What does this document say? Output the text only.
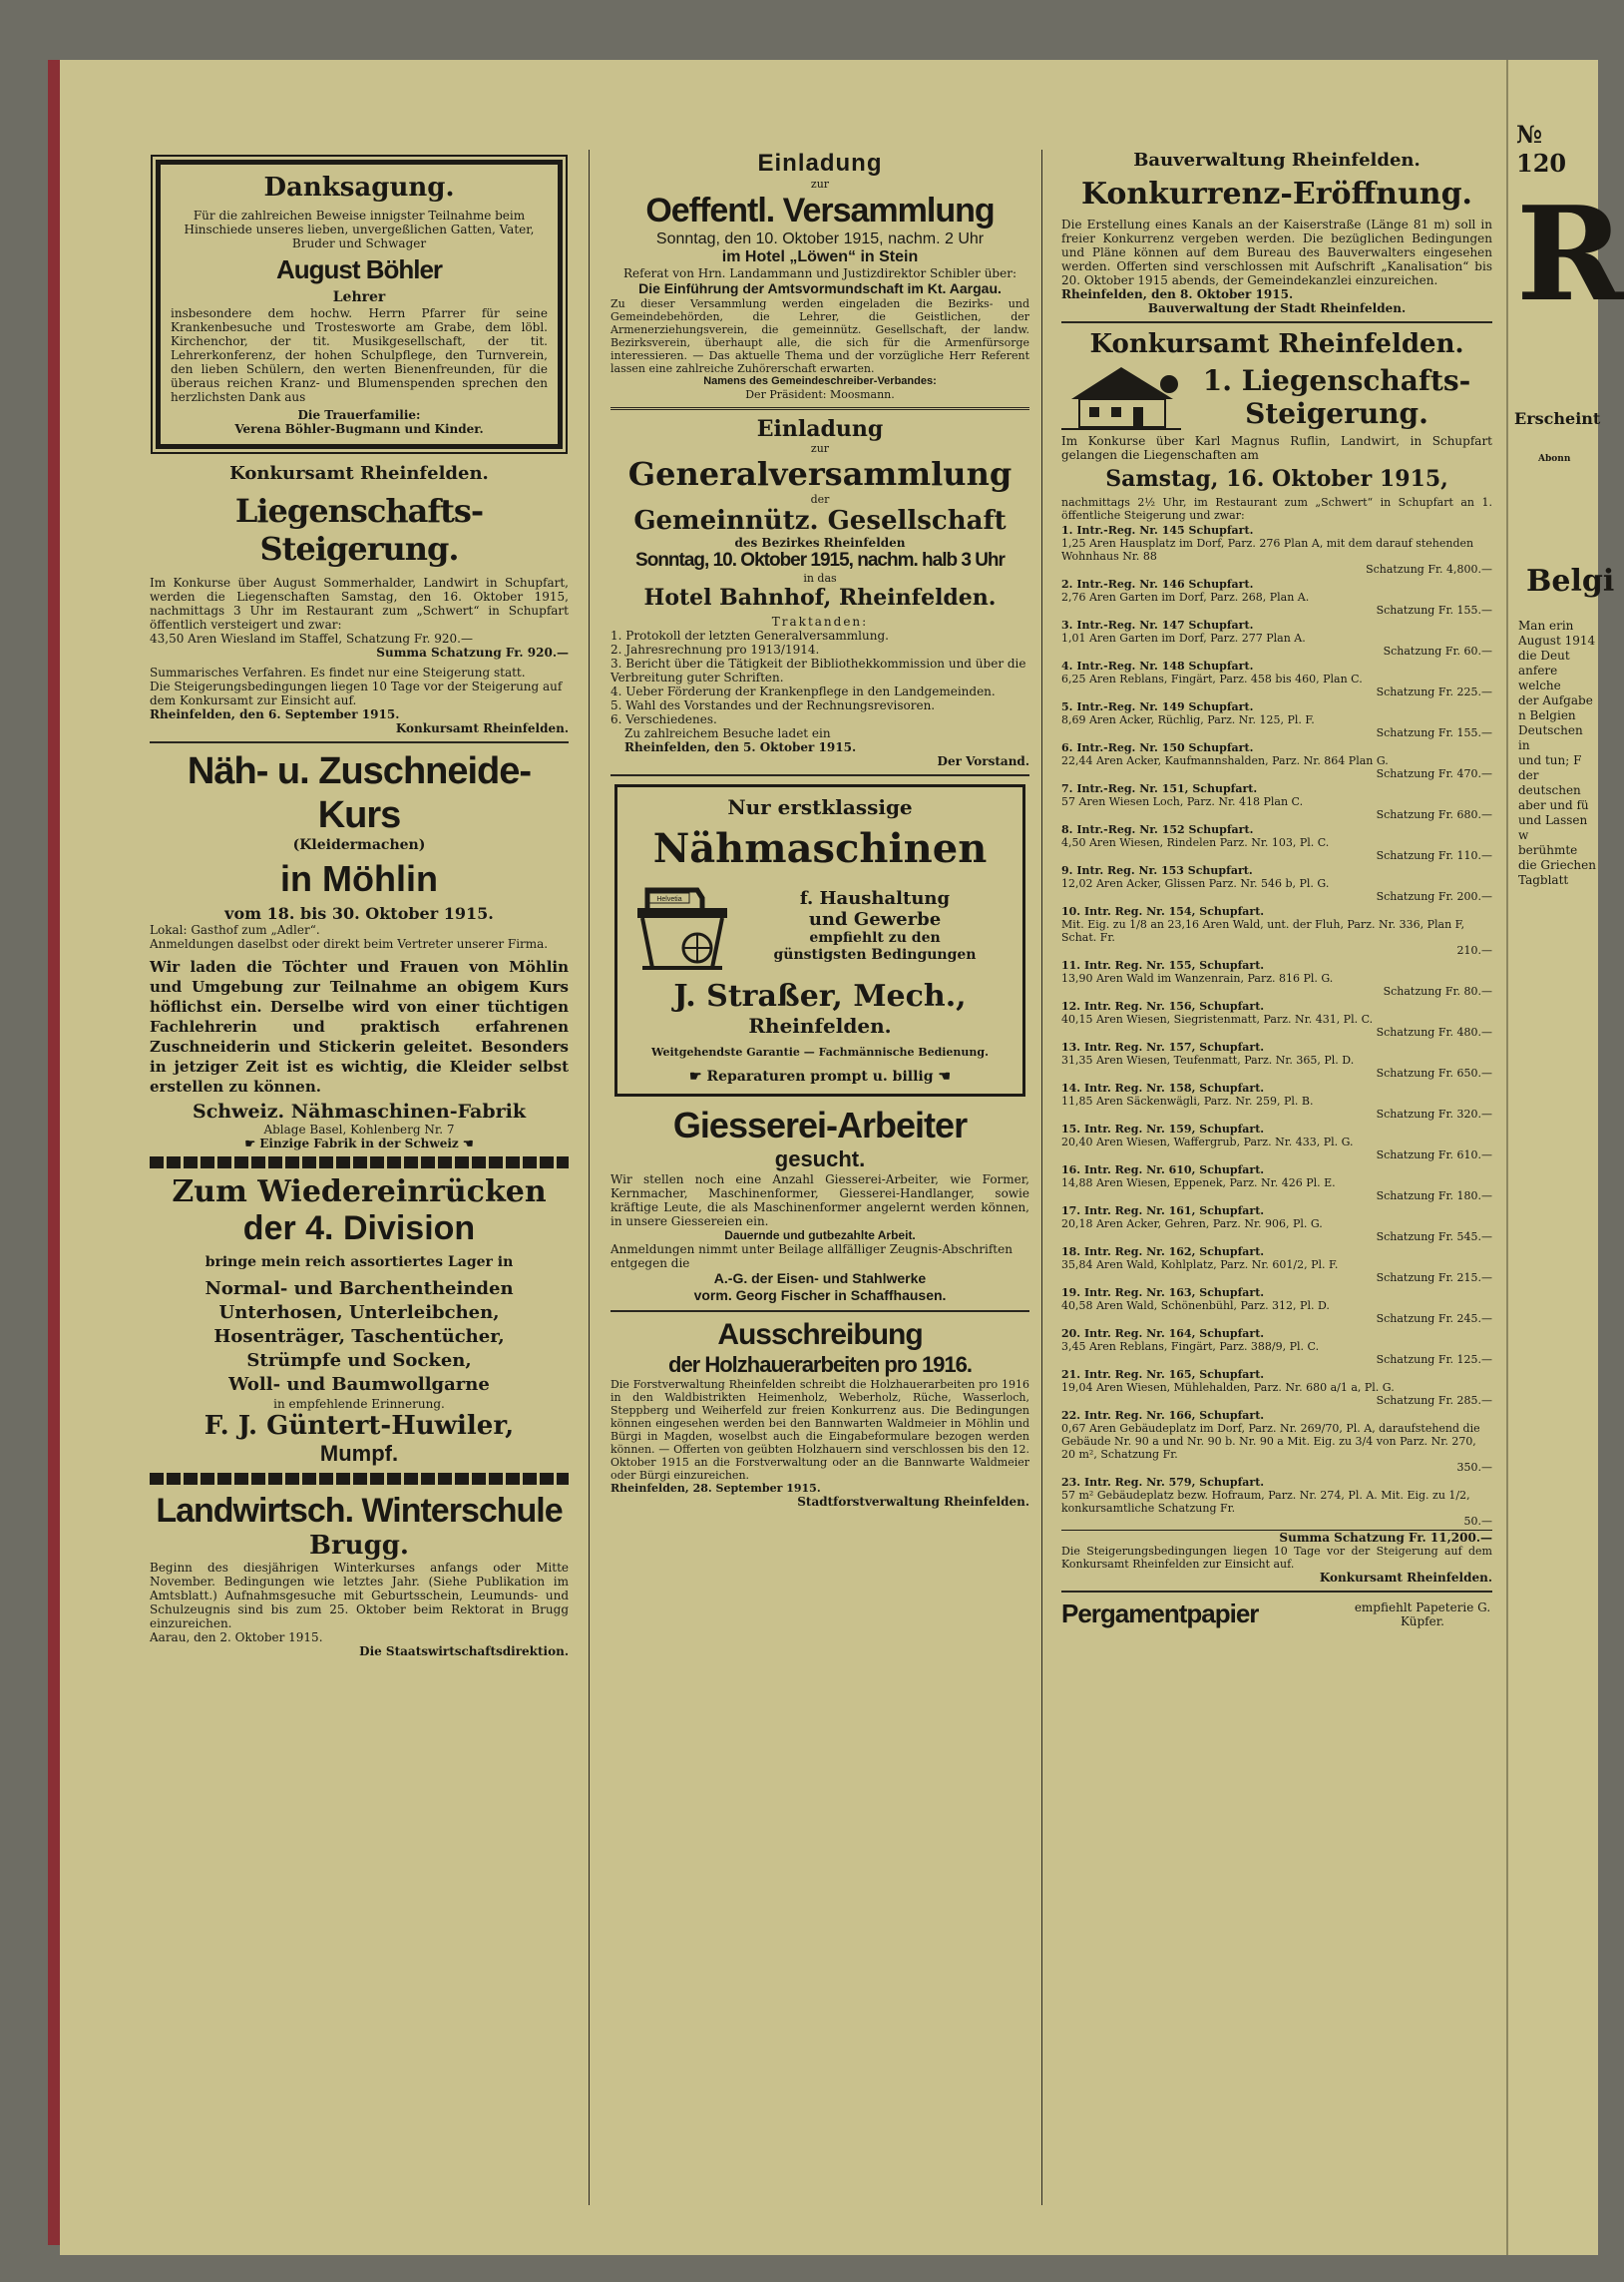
Danksagung.

Für die zahlreichen Beweise innigster Teilnahme beim Hinschiede unseres lieben, unvergeßlichen Gatten, Vater, Bruder und Schwager

August Böhler

Lehrer

insbesondere dem hochw. Herrn Pfarrer für seine Krankenbesuche und Trostesworte am Grabe, dem löbl. Kirchenchor, der tit. Musikgesellschaft, der tit. Lehrerkonferenz, der hohen Schulpflege, den Turnverein, den lieben Schülern, den werten Bienenfreunden, für die überaus reichen Kranz- und Blumenspenden sprechen den herzlichsten Dank aus

Die Trauerfamilie:

Verena Böhler-Bugmann und Kinder.

Konkursamt Rheinfelden.

Liegenschafts-Steigerung.

Im Konkurse über August Sommerhalder, Landwirt in Schupfart, werden die Liegenschaften Samstag, den 16. Oktober 1915, nachmittags 3 Uhr im Restaurant zum „Schwert“ in Schupfart öffentlich versteigert und zwar:

43,50 Aren Wiesland im Staffel, Schatzung Fr. 920.—

Summa Schatzung Fr. 920.—

Summarisches Verfahren. Es findet nur eine Steigerung statt.

Die Steigerungsbedingungen liegen 10 Tage vor der Steigerung auf dem Konkursamt zur Einsicht auf.

Rheinfelden, den 6. September 1915.

Konkursamt Rheinfelden.

Näh- u. Zuschneide-Kurs

(Kleidermachen)

in Möhlin

vom 18. bis 30. Oktober 1915.

Lokal: Gasthof zum „Adler“.

Anmeldungen daselbst oder direkt beim Vertreter unserer Firma.

Wir laden die Töchter und Frauen von Möhlin und Umgebung zur Teilnahme an obigem Kurs höflichst ein. Derselbe wird von einer tüchtigen Fachlehrerin und praktisch erfahrenen Zuschneiderin und Stickerin geleitet. Besonders in jetziger Zeit ist es wichtig, die Kleider selbst erstellen zu können.

Schweiz. Nähmaschinen-Fabrik

Ablage Basel, Kohlenberg Nr. 7

☛ Einzige Fabrik in der Schweiz ☚

Zum Wiedereinrücken

der 4. Division

bringe mein reich assortiertes Lager in

Normal- und Barchentheinden

Unterhosen, Unterleibchen,

Hosenträger, Taschentücher,

Strümpfe und Socken,

Woll- und Baumwollgarne

in empfehlende Erinnerung.

F. J. Güntert-Huwiler,

Mumpf.

Landwirtsch. Winterschule

Brugg.

Beginn des diesjährigen Winterkurses anfangs oder Mitte November. Bedingungen wie letztes Jahr. (Siehe Publikation im Amtsblatt.) Aufnahmsgesuche mit Geburtsschein, Leumunds- und Schulzeugnis sind bis zum 25. Oktober beim Rektorat in Brugg einzureichen.

Aarau, den 2. Oktober 1915.

Die Staatswirtschaftsdirektion.

Einladung

zur

Oeffentl. Versammlung

Sonntag, den 10. Oktober 1915, nachm. 2 Uhr

im Hotel „Löwen“ in Stein

Referat von Hrn. Landammann und Justizdirektor Schibler über:

Die Einführung der Amtsvormundschaft im Kt. Aargau.

Zu dieser Versammlung werden eingeladen die Bezirks- und Gemeindebehörden, die Lehrer, die Geistlichen, der Armenerziehungsverein, die gemeinnütz. Gesellschaft, der landw. Bezirksverein, überhaupt alle, die sich für die Armenfürsorge interessieren. — Das aktuelle Thema und der vorzügliche Herr Referent lassen eine zahlreiche Zuhörerschaft erwarten.

Namens des Gemeindeschreiber-Verbandes:

Der Präsident: Moosmann.

Einladung

zur

Generalversammlung

der

Gemeinnütz. Gesellschaft

des Bezirkes Rheinfelden

Sonntag, 10. Oktober 1915, nachm. halb 3 Uhr

in das

Hotel Bahnhof, Rheinfelden.

Traktanden:

1. Protokoll der letzten Generalversammlung.

2. Jahresrechnung pro 1913/1914.

3. Bericht über die Tätigkeit der Bibliothekkommission und über die Verbreitung guter Schriften.

4. Ueber Förderung der Krankenpflege in den Landgemeinden.

5. Wahl des Vorstandes und der Rechnungsrevisoren.

6. Verschiedenes.

Zu zahlreichem Besuche ladet ein

Rheinfelden, den 5. Oktober 1915.

Der Vorstand.

Nur erstklassige

Nähmaschinen

Helvetia	f. Haushaltung

und Gewerbe

empfiehlt zu den

günstigsten Bedingungen

J. Straßer, Mech.,

Rheinfelden.

Weitgehendste Garantie — Fachmännische Bedienung.

☛ Reparaturen prompt u. billig ☚

Giesserei-Arbeiter

gesucht.

Wir stellen noch eine Anzahl Giesserei-Arbeiter, wie Former, Kernmacher, Maschinenformer, Giesserei-Handlanger, sowie kräftige Leute, die als Maschinenformer angelernt werden können, in unsere Giessereien ein.

Dauernde und gutbezahlte Arbeit.

Anmeldungen nimmt unter Beilage allfälliger Zeugnis-Abschriften entgegen die

A.-G. der Eisen- und Stahlwerke

vorm. Georg Fischer in Schaffhausen.

Ausschreibung

der Holzhauerarbeiten pro 1916.

Die Forstverwaltung Rheinfelden schreibt die Holzhauerarbeiten pro 1916 in den Waldbistrikten Heimenholz, Weberholz, Rüche, Wasserloch, Steppberg und Weiherfeld zur freien Konkurrenz aus. Die Bedingungen können eingesehen werden bei den Bannwarten Waldmeier in Möhlin und Bürgi in Magden, woselbst auch die Eingabeformulare bezogen werden können. — Offerten von geübten Holzhauern sind verschlossen bis den 12. Oktober 1915 an die Forstverwaltung oder an die Bannwarte Waldmeier oder Bürgi einzureichen.

Rheinfelden, 28. September 1915.

Stadtforstverwaltung Rheinfelden.

Bauverwaltung Rheinfelden.

Konkurrenz-Eröffnung.

Die Erstellung eines Kanals an der Kaiserstraße (Länge 81 m) soll in freier Konkurrenz vergeben werden. Die bezüglichen Bedingungen und Pläne können auf dem Bureau des Bauverwalters eingesehen werden. Offerten sind verschlossen mit Aufschrift „Kanalisation“ bis 20. Oktober 1915 abends, der Gemeindekanzlei einzureichen.

Rheinfelden, den 8. Oktober 1915.

Bauverwaltung der Stadt Rheinfelden.

Konkursamt Rheinfelden.

1. Liegenschafts-

Steigerung.

Im Konkurse über Karl Magnus Ruflin, Landwirt, in Schupfart gelangen die Liegenschaften am

Samstag, 16. Oktober 1915,

nachmittags 2½ Uhr, im Restaurant zum „Schwert“ in Schupfart an 1. öffentliche Steigerung und zwar:

1. Intr.-Reg. Nr. 145 Schupfart.
1,25 Aren Hausplatz im Dorf, Parz. 276 Plan A, mit dem darauf stehenden Wohnhaus Nr. 88
Schatzung Fr. 4,800.—
2. Intr.-Reg. Nr. 146 Schupfart.
2,76 Aren Garten im Dorf, Parz. 268, Plan A.
Schatzung Fr. 155.—
3. Intr.-Reg. Nr. 147 Schupfart.
1,01 Aren Garten im Dorf, Parz. 277 Plan A.
Schatzung Fr. 60.—
4. Intr.-Reg. Nr. 148 Schupfart.
6,25 Aren Reblans, Fingärt, Parz. 458 bis 460, Plan C.
Schatzung Fr. 225.—
5. Intr.-Reg. Nr. 149 Schupfart.
8,69 Aren Acker, Rüchlig, Parz. Nr. 125, Pl. F.
Schatzung Fr. 155.—
6. Intr.-Reg. Nr. 150 Schupfart.
22,44 Aren Acker, Kaufmannshalden, Parz. Nr. 864 Plan G.
Schatzung Fr. 470.—
7. Intr.-Reg. Nr. 151, Schupfart.
57 Aren Wiesen Loch, Parz. Nr. 418 Plan C.
Schatzung Fr. 680.—
8. Intr.-Reg. Nr. 152 Schupfart.
4,50 Aren Wiesen, Rindelen Parz. Nr. 103, Pl. C.
Schatzung Fr. 110.—
9. Intr. Reg. Nr. 153 Schupfart.
12,02 Aren Acker, Glissen Parz. Nr. 546 b, Pl. G.
Schatzung Fr. 200.—
10. Intr. Reg. Nr. 154, Schupfart.
Mit. Eig. zu 1/8 an 23,16 Aren Wald, unt. der Fluh, Parz. Nr. 336, Plan F, Schat. Fr.
210.—
11. Intr. Reg. Nr. 155, Schupfart.
13,90 Aren Wald im Wanzenrain, Parz. 816 Pl. G.
Schatzung Fr. 80.—
12. Intr. Reg. Nr. 156, Schupfart.
40,15 Aren Wiesen, Siegristenmatt, Parz. Nr. 431, Pl. C.
Schatzung Fr. 480.—
13. Intr. Reg. Nr. 157, Schupfart.
31,35 Aren Wiesen, Teufenmatt, Parz. Nr. 365, Pl. D.
Schatzung Fr. 650.—
14. Intr. Reg. Nr. 158, Schupfart.
11,85 Aren Säckenwägli, Parz. Nr. 259, Pl. B.
Schatzung Fr. 320.—
15. Intr. Reg. Nr. 159, Schupfart.
20,40 Aren Wiesen, Waffergrub, Parz. Nr. 433, Pl. G.
Schatzung Fr. 610.—
16. Intr. Reg. Nr. 610, Schupfart.
14,88 Aren Wiesen, Eppenek, Parz. Nr. 426 Pl. E.
Schatzung Fr. 180.—
17. Intr. Reg. Nr. 161, Schupfart.
20,18 Aren Acker, Gehren, Parz. Nr. 906, Pl. G.
Schatzung Fr. 545.—
18. Intr. Reg. Nr. 162, Schupfart.
35,84 Aren Wald, Kohlplatz, Parz. Nr. 601/2, Pl. F.
Schatzung Fr. 215.—
19. Intr. Reg. Nr. 163, Schupfart.
40,58 Aren Wald, Schönenbühl, Parz. 312, Pl. D.
Schatzung Fr. 245.—
20. Intr. Reg. Nr. 164, Schupfart.
3,45 Aren Reblans, Fingärt, Parz. 388/9, Pl. C.
Schatzung Fr. 125.—
21. Intr. Reg. Nr. 165, Schupfart.
19,04 Aren Wiesen, Mühlehalden, Parz. Nr. 680 a/1 a, Pl. G.
Schatzung Fr. 285.—
22. Intr. Reg. Nr. 166, Schupfart.
0,67 Aren Gebäudeplatz im Dorf, Parz. Nr. 269/70, Pl. A, daraufstehend die Gebäude Nr. 90 a und Nr. 90 b. Nr. 90 a Mit. Eig. zu 3/4 von Parz. Nr. 270, 20 m², Schatzung Fr.
350.—
23. Intr. Reg. Nr. 579, Schupfart.
57 m² Gebäudeplatz bezw. Hofraum, Parz. Nr. 274, Pl. A. Mit. Eig. zu 1/2, konkursamtliche Schatzung Fr.
50.—

Summa Schatzung Fr. 11,200.—

Die Steigerungsbedingungen liegen 10 Tage vor der Steigerung auf dem Konkursamt Rheinfelden zur Einsicht auf.

Konkursamt Rheinfelden.

Pergamentpapier	empfiehlt Papeterie G. Küpfer.

№ 120

R

Erscheint

Abonn

Belgi

Man erin
August 1914
die Deut
anfere welche
der Aufgabe
n Belgien
Deutschen in
und tun; F
der deutschen
aber und fü
und Lassen w
berühmte
die Griechen
Tagblatt
